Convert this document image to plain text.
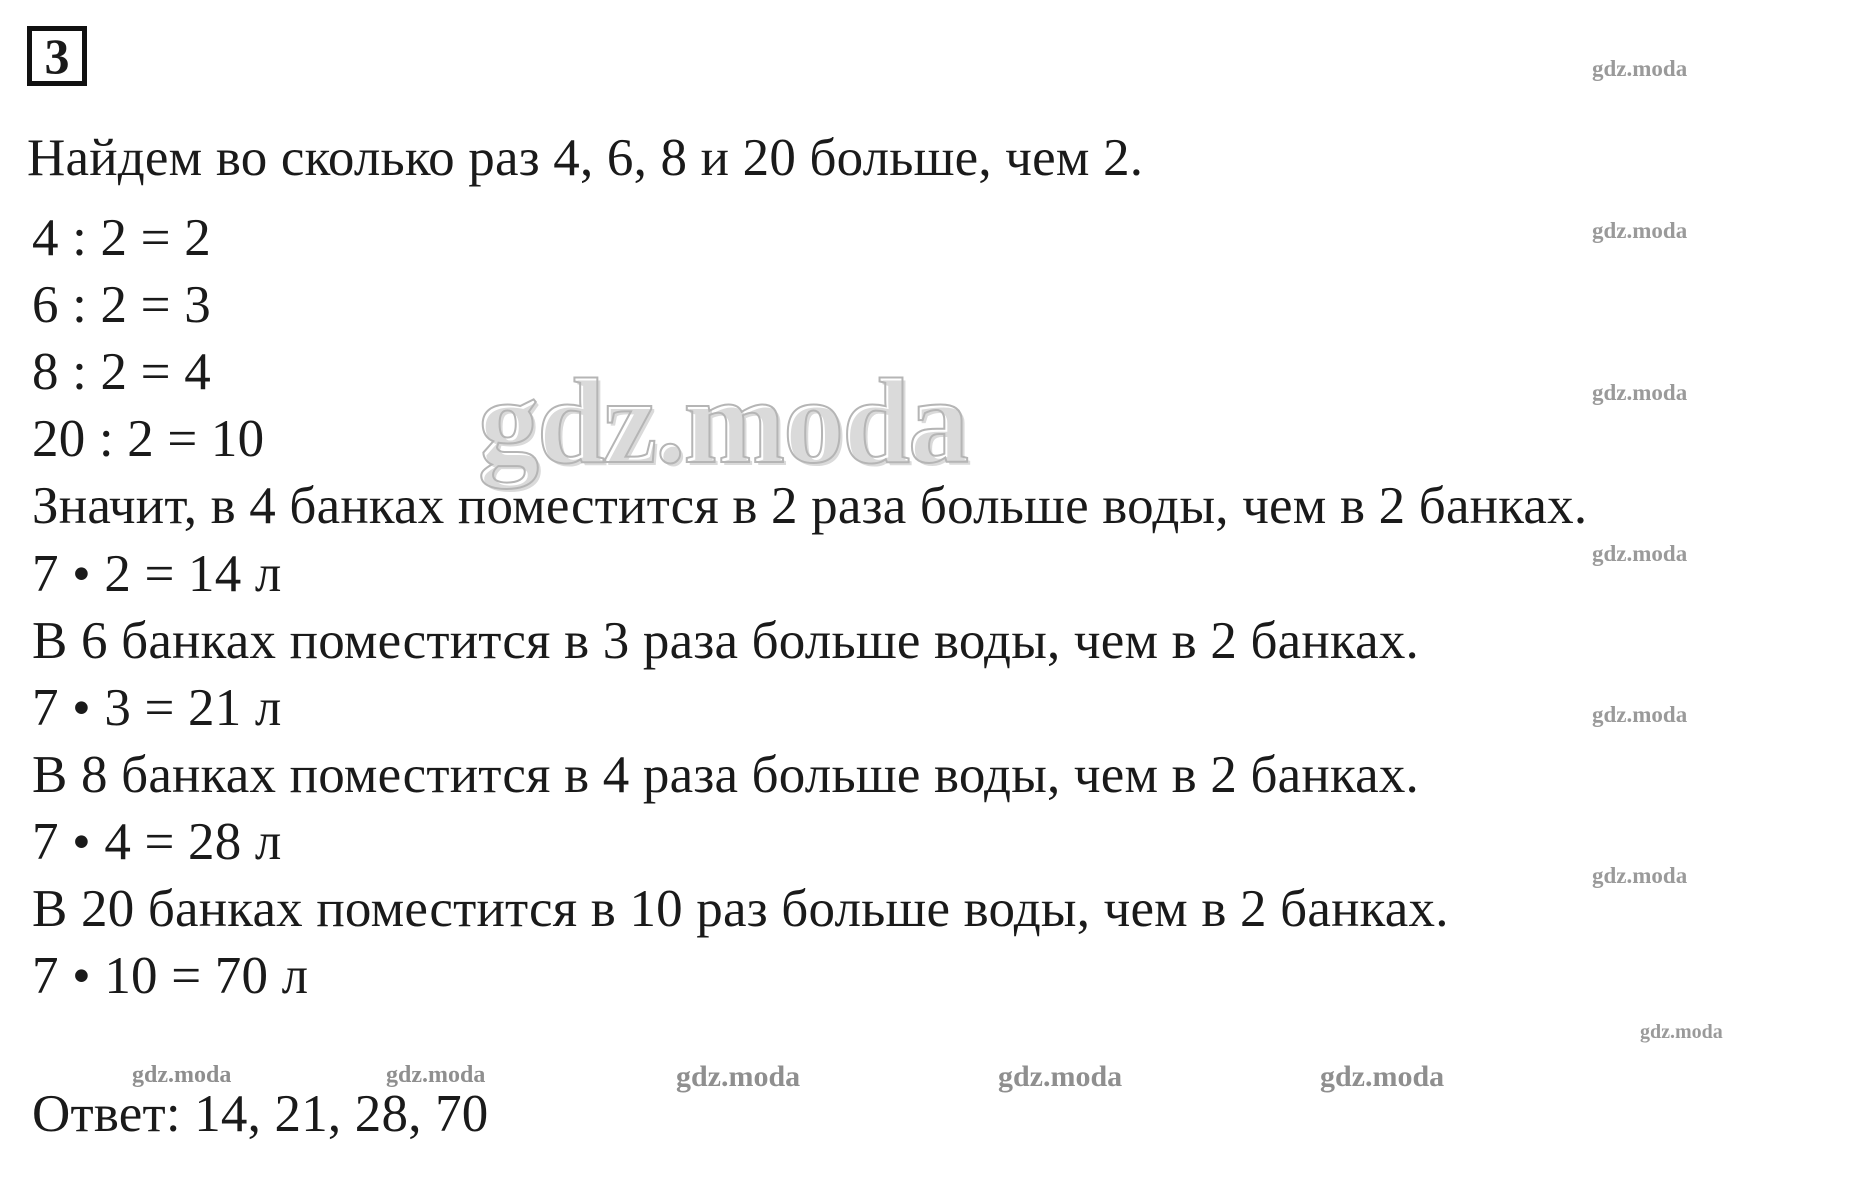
3
gdz.moda
gdz.moda
gdz.moda
gdz.moda
gdz.moda
gdz.moda
gdz.moda
gdz.moda
gdz.moda	gdz.moda	gdz.moda	gdz.moda	gdz.moda
Найдем во сколько раз 4, 6, 8 и 20 больше, чем 2.
4 : 2 = 2
6 : 2 = 3
8 : 2 = 4
20 : 2 = 10
Значит, в 4 банках поместится в 2 раза больше воды, чем в 2 банках.
7 • 2 = 14 л
В 6 банках поместится в 3 раза больше воды, чем в 2 банках.
7 • 3 = 21 л
В 8 банках поместится в 4 раза больше воды, чем в 2 банках.
7 • 4 = 28 л
В 20 банках поместится в 10 раз больше воды, чем в 2 банках.
7 • 10 = 70 л
Ответ: 14, 21, 28, 70
